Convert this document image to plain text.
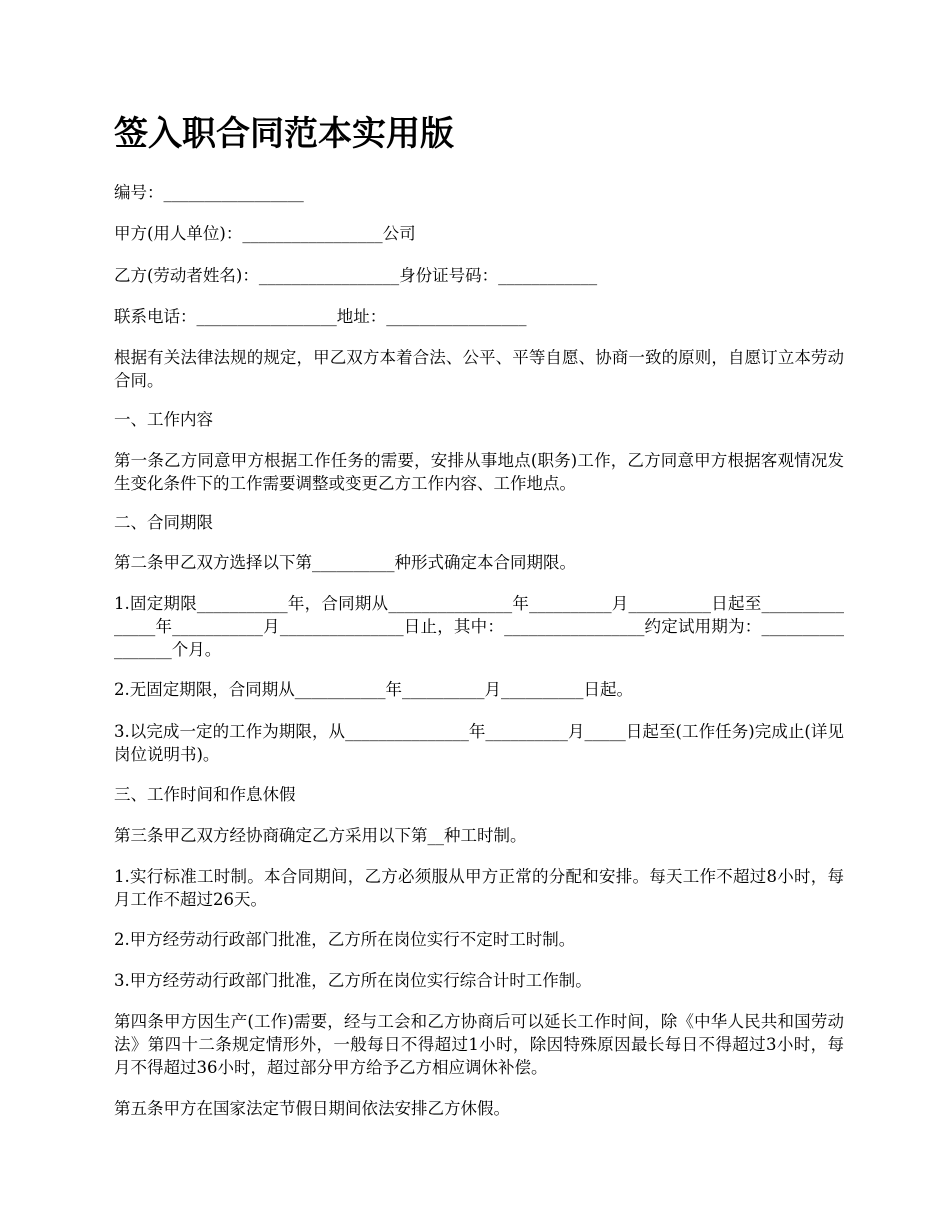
签入职合同范本实用版

编号：_________________

甲方(用人单位)：_________________公司

乙方(劳动者姓名)：_________________身份证号码：____________

联系电话：_________________地址：_________________

根据有关法律法规的规定，甲乙双方本着合法、公平、平等自愿、协商一致的原则，自愿订立本劳动合同。

一、工作内容

第一条乙方同意甲方根据工作任务的需要，安排从事地点(职务)工作，乙方同意甲方根据客观情况发生变化条件下的工作需要调整或变更乙方工作内容、工作地点。

二、合同期限

第二条甲乙双方选择以下第__________种形式确定本合同期限。

1.固定期限___________年，合同期从_______________年__________月__________日起至_______________年___________月_______________日止，其中：_________________约定试用期为：_________________个月。

2.无固定期限，合同期从___________年__________月__________日起。

3.以完成一定的工作为期限，从_______________年__________月_____日起至(工作任务)完成止(详见岗位说明书)。

三、工作时间和作息休假

第三条甲乙双方经协商确定乙方采用以下第__种工时制。

1.实行标准工时制。本合同期间，乙方必须服从甲方正常的分配和安排。每天工作不超过8小时，每月工作不超过26天。

2.甲方经劳动行政部门批准，乙方所在岗位实行不定时工时制。

3.甲方经劳动行政部门批准，乙方所在岗位实行综合计时工作制。

第四条甲方因生产(工作)需要，经与工会和乙方协商后可以延长工作时间，除《中华人民共和国劳动法》第四十二条规定情形外，一般每日不得超过1小时，除因特殊原因最长每日不得超过3小时，每月不得超过36小时，超过部分甲方给予乙方相应调休补偿。

第五条甲方在国家法定节假日期间依法安排乙方休假。
